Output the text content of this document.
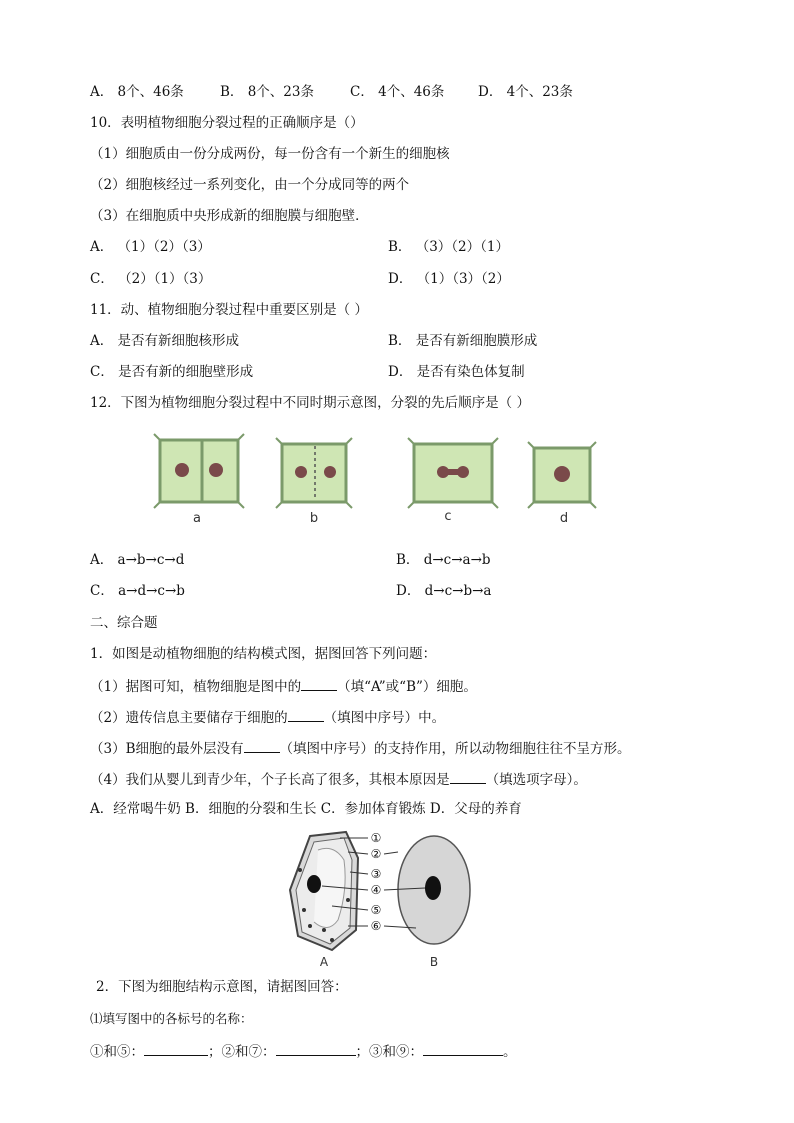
A． 8个、46条	B． 8个、23条	C． 4个、46条 D． 4个、23条
10．表明植物细胞分裂过程的正确顺序是（）
（1）细胞质由一份分成两份，每一份含有一个新生的细胞核
（2）细胞核经过一系列变化，由一个分成同等的两个
（3）在细胞质中央形成新的细胞膜与细胞壁．
A． （1）（2）（3）	B． （3）（2）（1）
C． （2）（1）（3）	D． （1）（3）（2）
11．动、植物细胞分裂过程中重要区别是（ ）
A． 是否有新细胞核形成	B． 是否有新细胞膜形成
C． 是否有新的细胞壁形成	D． 是否有染色体复制
12．下图为植物细胞分裂过程中不同时期示意图，分裂的先后顺序是（ ）
a	b	c	d
A． a→b→c→d	B． d→c→a→b
C． a→d→c→b	D． d→c→b→a
二、综合题
1．如图是动植物细胞的结构模式图，据图回答下列问题：
（1）据图可知，植物细胞是图中的	（填“A”或“B”）细胞。
（2）遗传信息主要储存于细胞的	（填图中序号）中。
（3）B细胞的最外层没有	（填图中序号）的支持作用，所以动物细胞往往不呈方形。
（4）我们从婴儿到青少年，个子长高了很多，其根本原因是	（填选项字母）。
A．经常喝牛奶 B．细胞的分裂和生长 C．参加体育锻炼 D．父母的养育
①
②
③
④
⑤
⑥
A	B
2．下图为细胞结构示意图，请据图回答：
⑴填写图中的各标号的名称：
①和⑤：	；②和⑦：	；③和⑨：	。
